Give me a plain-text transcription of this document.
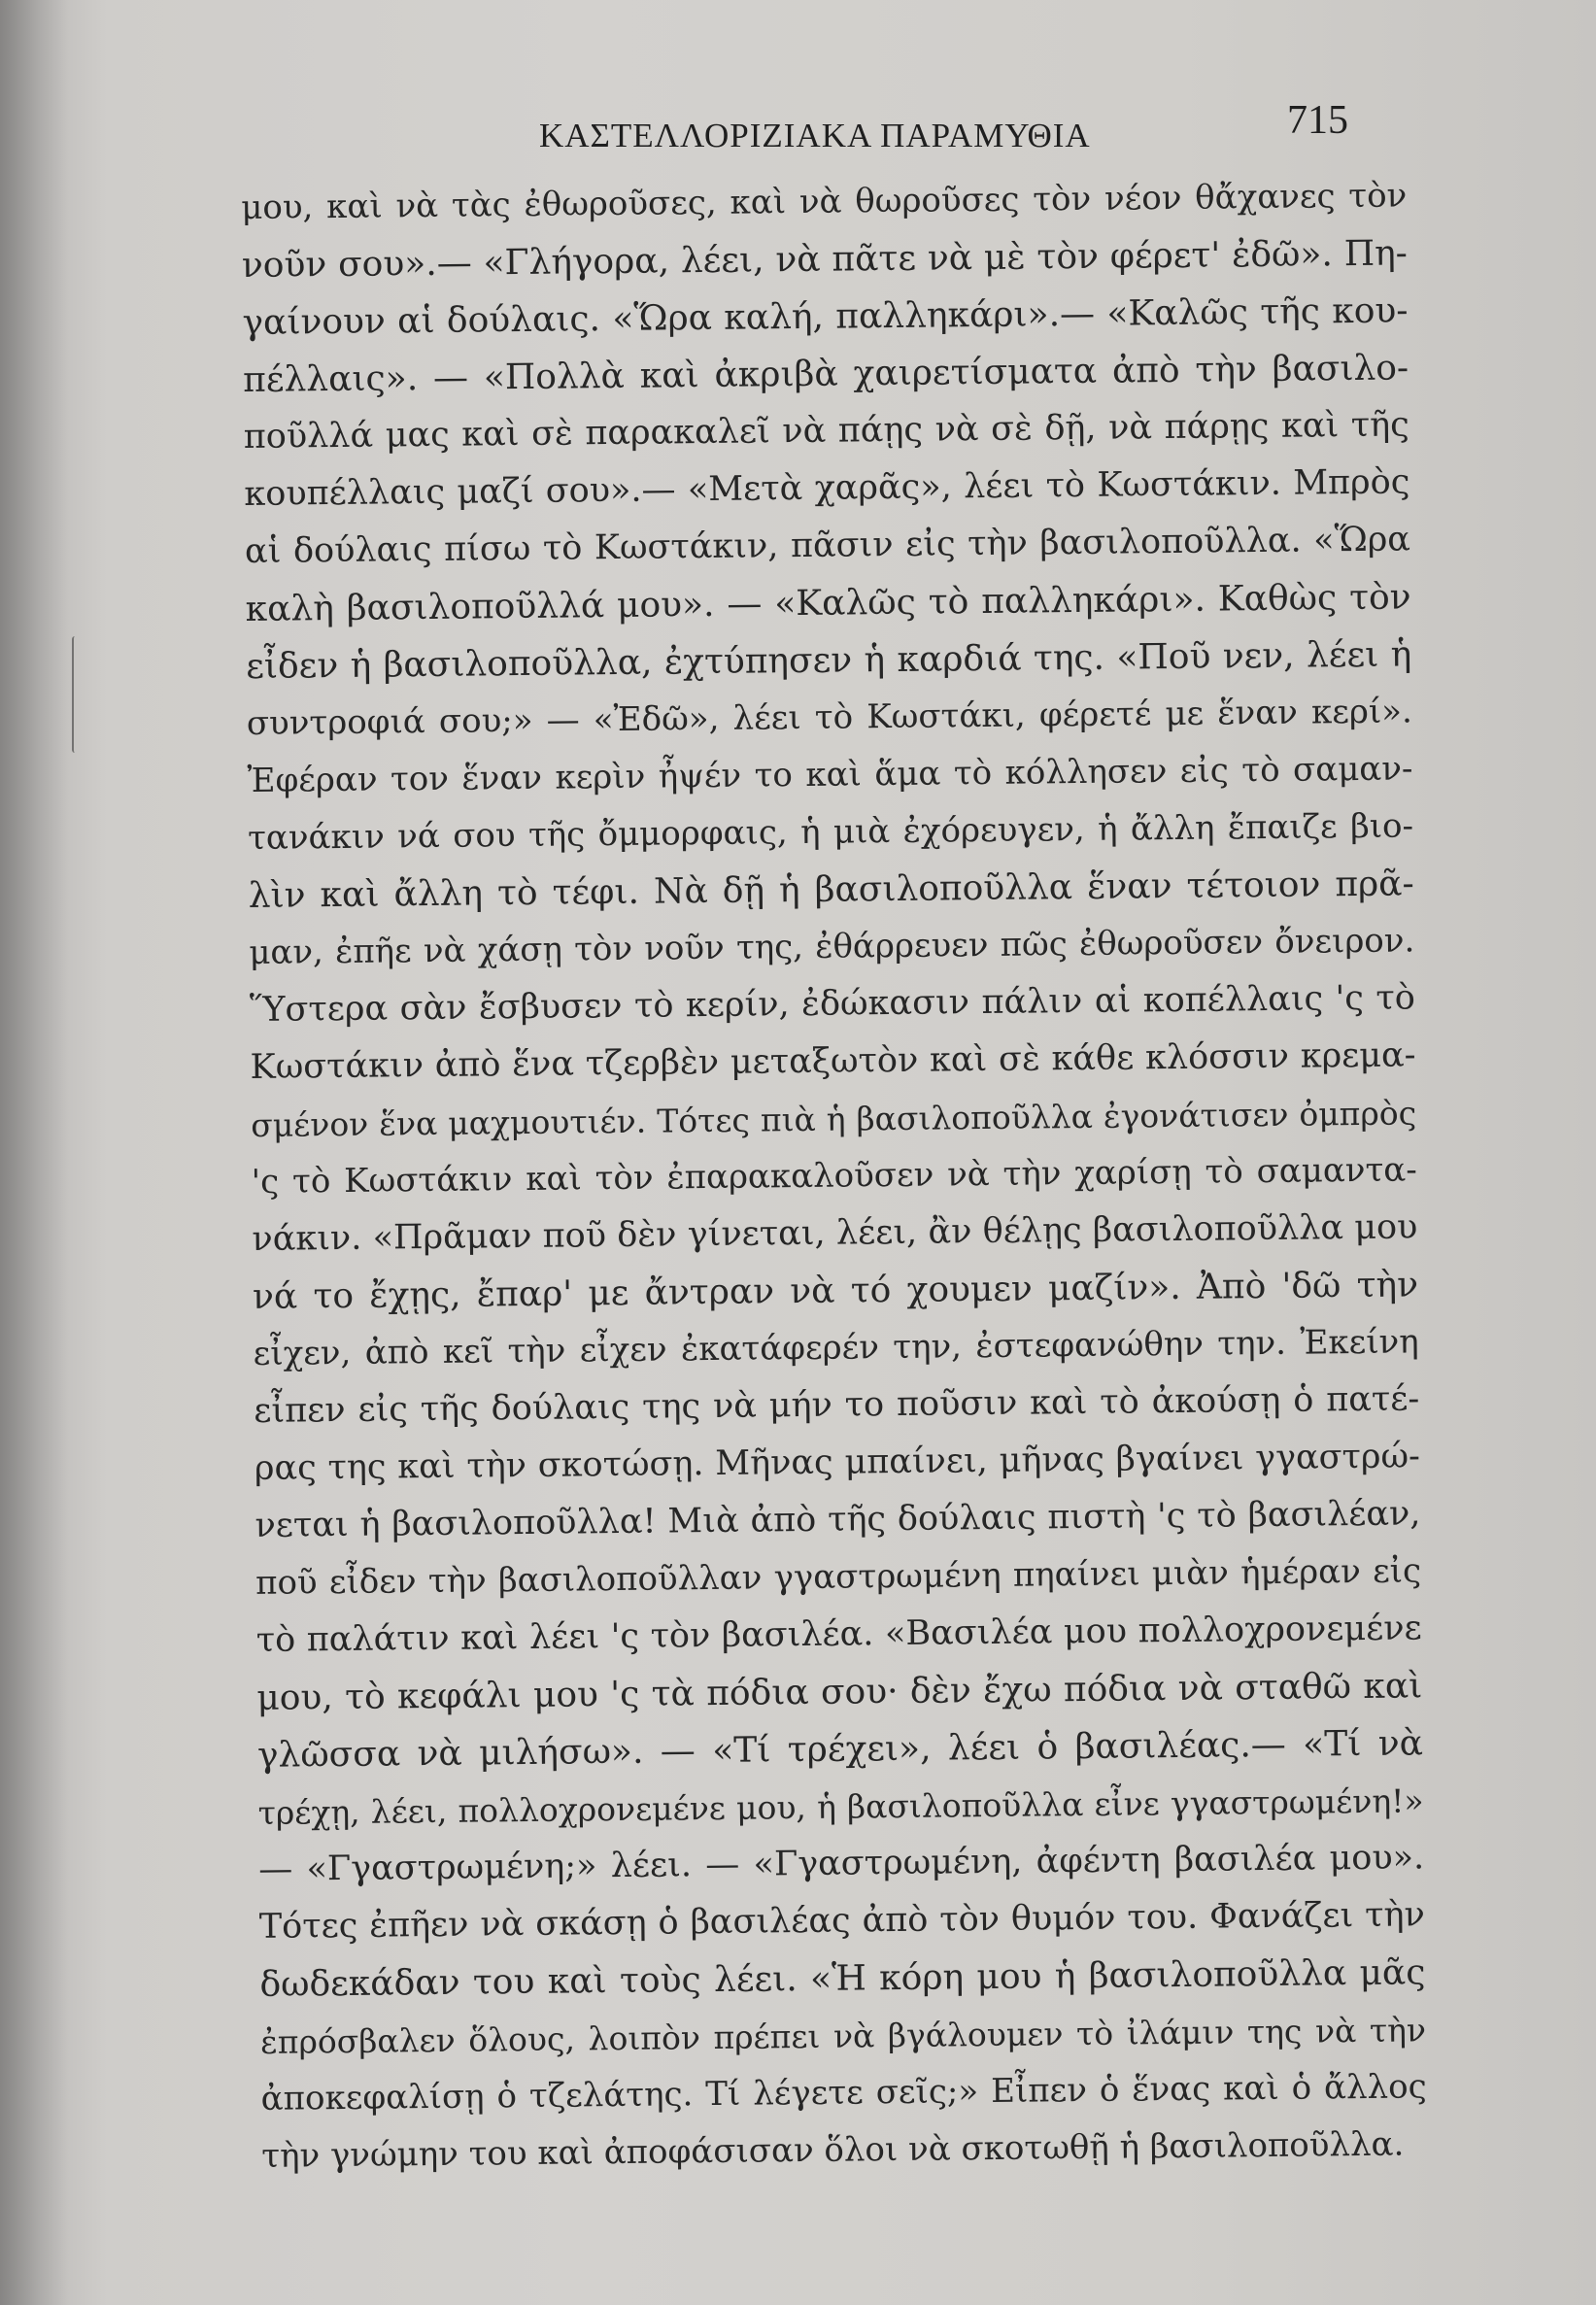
ΚΑΣΤΕΛΛΟΡΙΖΙΑΚΑ ΠΑΡΑΜΥΘΙΑ	715
μου, καὶ νὰ τὰς ἐθωροῦσες, καὶ νὰ θωροῦσες τὸν νέον θἄχανες τὸν
νοῦν σου».— «Γλήγορα, λέει, νὰ πᾶτε νὰ μὲ τὸν φέρετ' ἐδῶ». Πη-
γαίνουν αἱ δούλαις. «Ὥρα καλή, παλληκάρι».— «Καλῶς τῆς κου-
πέλλαις». — «Πολλὰ καὶ ἀκριβὰ χαιρετίσματα ἀπὸ τὴν βασιλο-
ποῦλλά μας καὶ σὲ παρακαλεῖ νὰ πάῃς νὰ σὲ δῇ, νὰ πάρῃς καὶ τῆς
κουπέλλαις μαζί σου».— «Μετὰ χαρᾶς», λέει τὸ Κωστάκιν. Μπρὸς
αἱ δούλαις πίσω τὸ Κωστάκιν, πᾶσιν εἰς τὴν βασιλοποῦλλα. «Ὥρα
καλὴ βασιλοποῦλλά μου». — «Καλῶς τὸ παλληκάρι». Καθὼς τὸν
εἶδεν ἡ βασιλοποῦλλα, ἐχτύπησεν ἡ καρδιά της. «Ποῦ νεν, λέει ἡ
συντροφιά σου;» — «Ἐδῶ», λέει τὸ Κωστάκι, φέρετέ με ἕναν κερί».
Ἐφέραν τον ἕναν κερὶν ἦψέν το καὶ ἅμα τὸ κόλλησεν εἰς τὸ σαμαν-
τανάκιν νά σου τῆς ὄμμορφαις, ἡ μιὰ ἐχόρευγεν, ἡ ἄλλη ἔπαιζε βιο-
λὶν καὶ ἄλλη τὸ τέφι. Νὰ δῇ ἡ βασιλοποῦλλα ἕναν τέτοιον πρᾶ-
μαν, ἐπῆε νὰ χάσῃ τὸν νοῦν της, ἐθάρρευεν πῶς ἐθωροῦσεν ὄνειρον.
Ὕστερα σὰν ἔσβυσεν τὸ κερίν, ἐδώκασιν πάλιν αἱ κοπέλλαις 'ς τὸ
Κωστάκιν ἀπὸ ἕνα τζερβὲν μεταξωτὸν καὶ σὲ κάθε κλόσσιν κρεμα-
σμένον ἕνα μαχμουτιέν. Τότες πιὰ ἡ βασιλοποῦλλα ἐγονάτισεν ὀμπρὸς
'ς τὸ Κωστάκιν καὶ τὸν ἐπαρακαλοῦσεν νὰ τὴν χαρίσῃ τὸ σαμαντα-
νάκιν. «Πρᾶμαν ποῦ δὲν γίνεται, λέει, ἂν θέλῃς βασιλοποῦλλα μου
νά το ἔχῃς, ἔπαρ' με ἄντραν νὰ τό χουμεν μαζίν». Ἀπὸ 'δῶ τὴν
εἶχεν, ἀπὸ κεῖ τὴν εἶχεν ἐκατάφερέν την, ἐστεφανώθην την. Ἐκείνη
εἶπεν εἰς τῆς δούλαις της νὰ μήν το ποῦσιν καὶ τὸ ἀκούσῃ ὁ πατέ-
ρας της καὶ τὴν σκοτώσῃ. Μῆνας μπαίνει, μῆνας βγαίνει γγαστρώ-
νεται ἡ βασιλοποῦλλα! Μιὰ ἀπὸ τῆς δούλαις πιστὴ 'ς τὸ βασιλέαν,
ποῦ εἶδεν τὴν βασιλοποῦλλαν γγαστρωμένη πηαίνει μιὰν ἡμέραν εἰς
τὸ παλάτιν καὶ λέει 'ς τὸν βασιλέα. «Βασιλέα μου πολλοχρονεμένε
μου, τὸ κεφάλι μου 'ς τὰ πόδια σου· δὲν ἔχω πόδια νὰ σταθῶ καὶ
γλῶσσα νὰ μιλήσω». — «Τί τρέχει», λέει ὁ βασιλέας.— «Τί νὰ
τρέχῃ, λέει, πολλοχρονεμένε μου, ἡ βασιλοποῦλλα εἶνε γγαστρωμένη!»
— «Γγαστρωμένη;» λέει. — «Γγαστρωμένη, ἀφέντη βασιλέα μου».
Τότες ἐπῆεν νὰ σκάσῃ ὁ βασιλέας ἀπὸ τὸν θυμόν του. Φανάζει τὴν
δωδεκάδαν του καὶ τοὺς λέει. «Ἡ κόρη μου ἡ βασιλοποῦλλα μᾶς
ἐπρόσβαλεν ὅλους, λοιπὸν πρέπει νὰ βγάλουμεν τὸ ἰλάμιν της νὰ τὴν
ἀποκεφαλίσῃ ὁ τζελάτης. Τί λέγετε σεῖς;» Εἶπεν ὁ ἕνας καὶ ὁ ἄλλος
τὴν γνώμην του καὶ ἀποφάσισαν ὅλοι νὰ σκοτωθῇ ἡ βασιλοποῦλλα.
